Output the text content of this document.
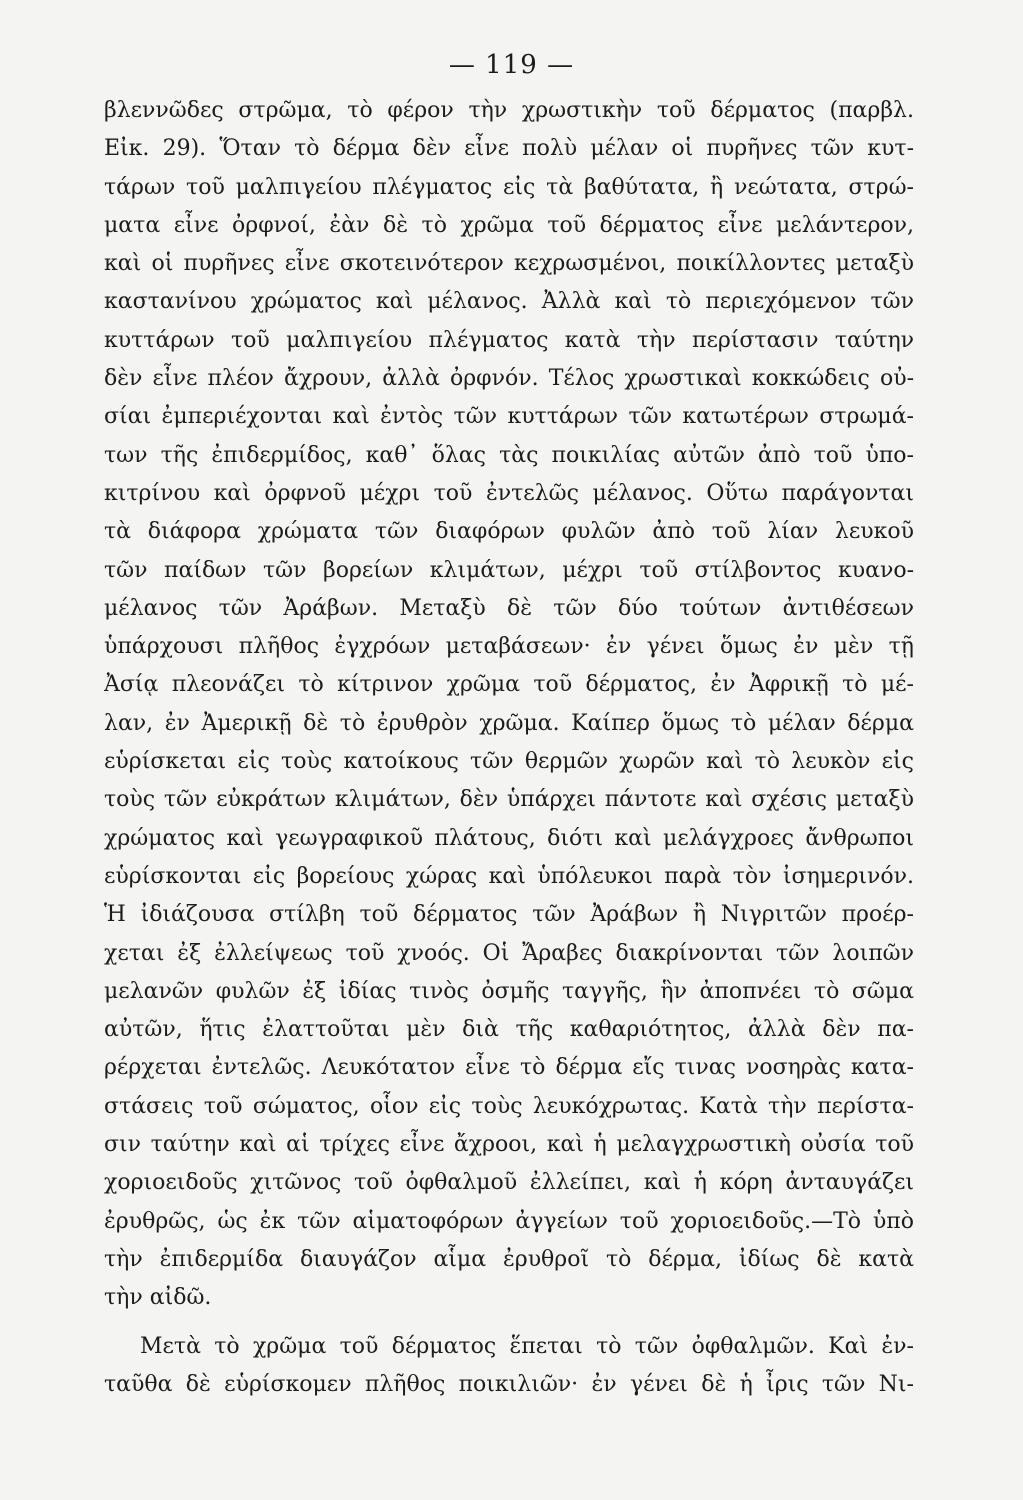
— 119 —
βλεννῶδες στρῶμα, τὸ φέρον τὴν χρωστικὴν τοῦ δέρματος (παρβλ.
Εἰκ. 29). Ὅταν τὸ δέρμα δὲν εἶνε πολὺ μέλαν οἱ πυρῆνες τῶν κυτ-
τάρων τοῦ μαλπιγείου πλέγματος εἰς τὰ βαθύτατα, ἢ νεώτατα, στρώ-
ματα εἶνε ὀρφνοί, ἐὰν δὲ τὸ χρῶμα τοῦ δέρματος εἶνε μελάντερον,
καὶ οἱ πυρῆνες εἶνε σκοτεινότερον κεχρωσμένοι, ποικίλλοντες μεταξὺ
καστανίνου χρώματος καὶ μέλανος. Ἀλλὰ καὶ τὸ περιεχόμενον τῶν
κυττάρων τοῦ μαλπιγείου πλέγματος κατὰ τὴν περίστασιν ταύτην
δὲν εἶνε πλέον ἄχρουν, ἀλλὰ ὀρφνόν. Τέλος χρωστικαὶ κοκκώδεις οὐ-
σίαι ἐμπεριέχονται καὶ ἐντὸς τῶν κυττάρων τῶν κατωτέρων στρωμά-
των τῆς ἐπιδερμίδος, καθ᾽ ὅλας τὰς ποικιλίας αὐτῶν ἀπὸ τοῦ ὑπο-
κιτρίνου καὶ ὀρφνοῦ μέχρι τοῦ ἐντελῶς μέλανος. Οὕτω παράγονται
τὰ διάφορα χρώματα τῶν διαφόρων φυλῶν ἀπὸ τοῦ λίαν λευκοῦ
τῶν παίδων τῶν βορείων κλιμάτων, μέχρι τοῦ στίλβοντος κυανο-
μέλανος τῶν Ἀράβων. Μεταξὺ δὲ τῶν δύο τούτων ἀντιθέσεων
ὑπάρχουσι πλῆθος ἐγχρόων μεταβάσεων· ἐν γένει ὅμως ἐν μὲν τῇ
Ἀσίᾳ πλεονάζει τὸ κίτρινον χρῶμα τοῦ δέρματος, ἐν Ἀφρικῇ τὸ μέ-
λαν, ἐν Ἀμερικῇ δὲ τὸ ἐρυθρὸν χρῶμα. Καίπερ ὅμως τὸ μέλαν δέρμα
εὑρίσκεται εἰς τοὺς κατοίκους τῶν θερμῶν χωρῶν καὶ τὸ λευκὸν εἰς
τοὺς τῶν εὐκράτων κλιμάτων, δὲν ὑπάρχει πάντοτε καὶ σχέσις μεταξὺ
χρώματος καὶ γεωγραφικοῦ πλάτους, διότι καὶ μελάγχροες ἄνθρωποι
εὑρίσκονται εἰς βορείους χώρας καὶ ὑπόλευκοι παρὰ τὸν ἰσημερινόν.
Ἡ ἰδιάζουσα στίλβη τοῦ δέρματος τῶν Ἀράβων ἢ Νιγριτῶν προέρ-
χεται ἐξ ἐλλείψεως τοῦ χνοός. Οἱ Ἄραβες διακρίνονται τῶν λοιπῶν
μελανῶν φυλῶν ἐξ ἰδίας τινὸς ὀσμῆς ταγγῆς, ἣν ἀποπνέει τὸ σῶμα
αὐτῶν, ἥτις ἐλαττοῦται μὲν διὰ τῆς καθαριότητος, ἀλλὰ δὲν πα-
ρέρχεται ἐντελῶς. Λευκότατον εἶνε τὸ δέρμα εἴς τινας νοσηρὰς κατα-
στάσεις τοῦ σώματος, οἷον εἰς τοὺς λευκόχρωτας. Κατὰ τὴν περίστα-
σιν ταύτην καὶ αἱ τρίχες εἶνε ἄχροοι, καὶ ἡ μελαγχρωστικὴ οὐσία τοῦ
χοριοειδοῦς χιτῶνος τοῦ ὀφθαλμοῦ ἐλλείπει, καὶ ἡ κόρη ἀνταυγάζει
ἐρυθρῶς, ὡς ἐκ τῶν αἱματοφόρων ἀγγείων τοῦ χοριοειδοῦς.—Τὸ ὑπὸ
τὴν ἐπιδερμίδα διαυγάζον αἷμα ἐρυθροῖ τὸ δέρμα, ἰδίως δὲ κατὰ
τὴν αἰδῶ.
Μετὰ τὸ χρῶμα τοῦ δέρματος ἕπεται τὸ τῶν ὀφθαλμῶν. Καὶ ἐν-
ταῦθα δὲ εὑρίσκομεν πλῆθος ποικιλιῶν· ἐν γένει δὲ ἡ ἶρις τῶν Νι-
